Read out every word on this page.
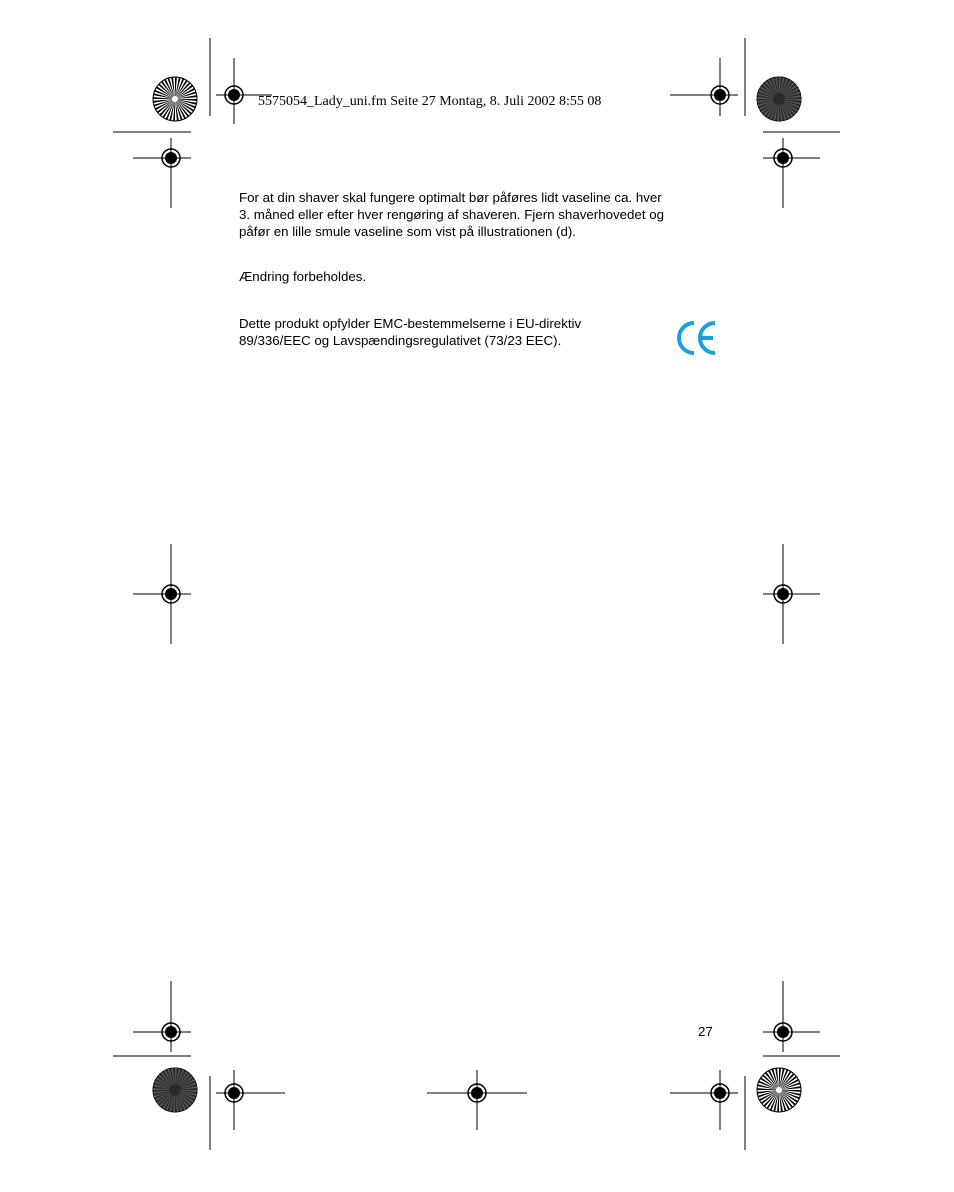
5575054_Lady_uni.fm Seite 27 Montag, 8. Juli 2002 8:55 08

For at din shaver skal fungere optimalt bør påføres lidt vaseline ca. hver

3. måned eller efter hver rengøring af shaveren. Fjern shaverhovedet og

påfør en lille smule vaseline som vist på illustrationen (d).

Ændring forbeholdes.

Dette produkt opfylder EMC-bestemmelserne i EU-direktiv

89/336/EEC og Lavspændingsregulativet (73/23 EEC).

27
